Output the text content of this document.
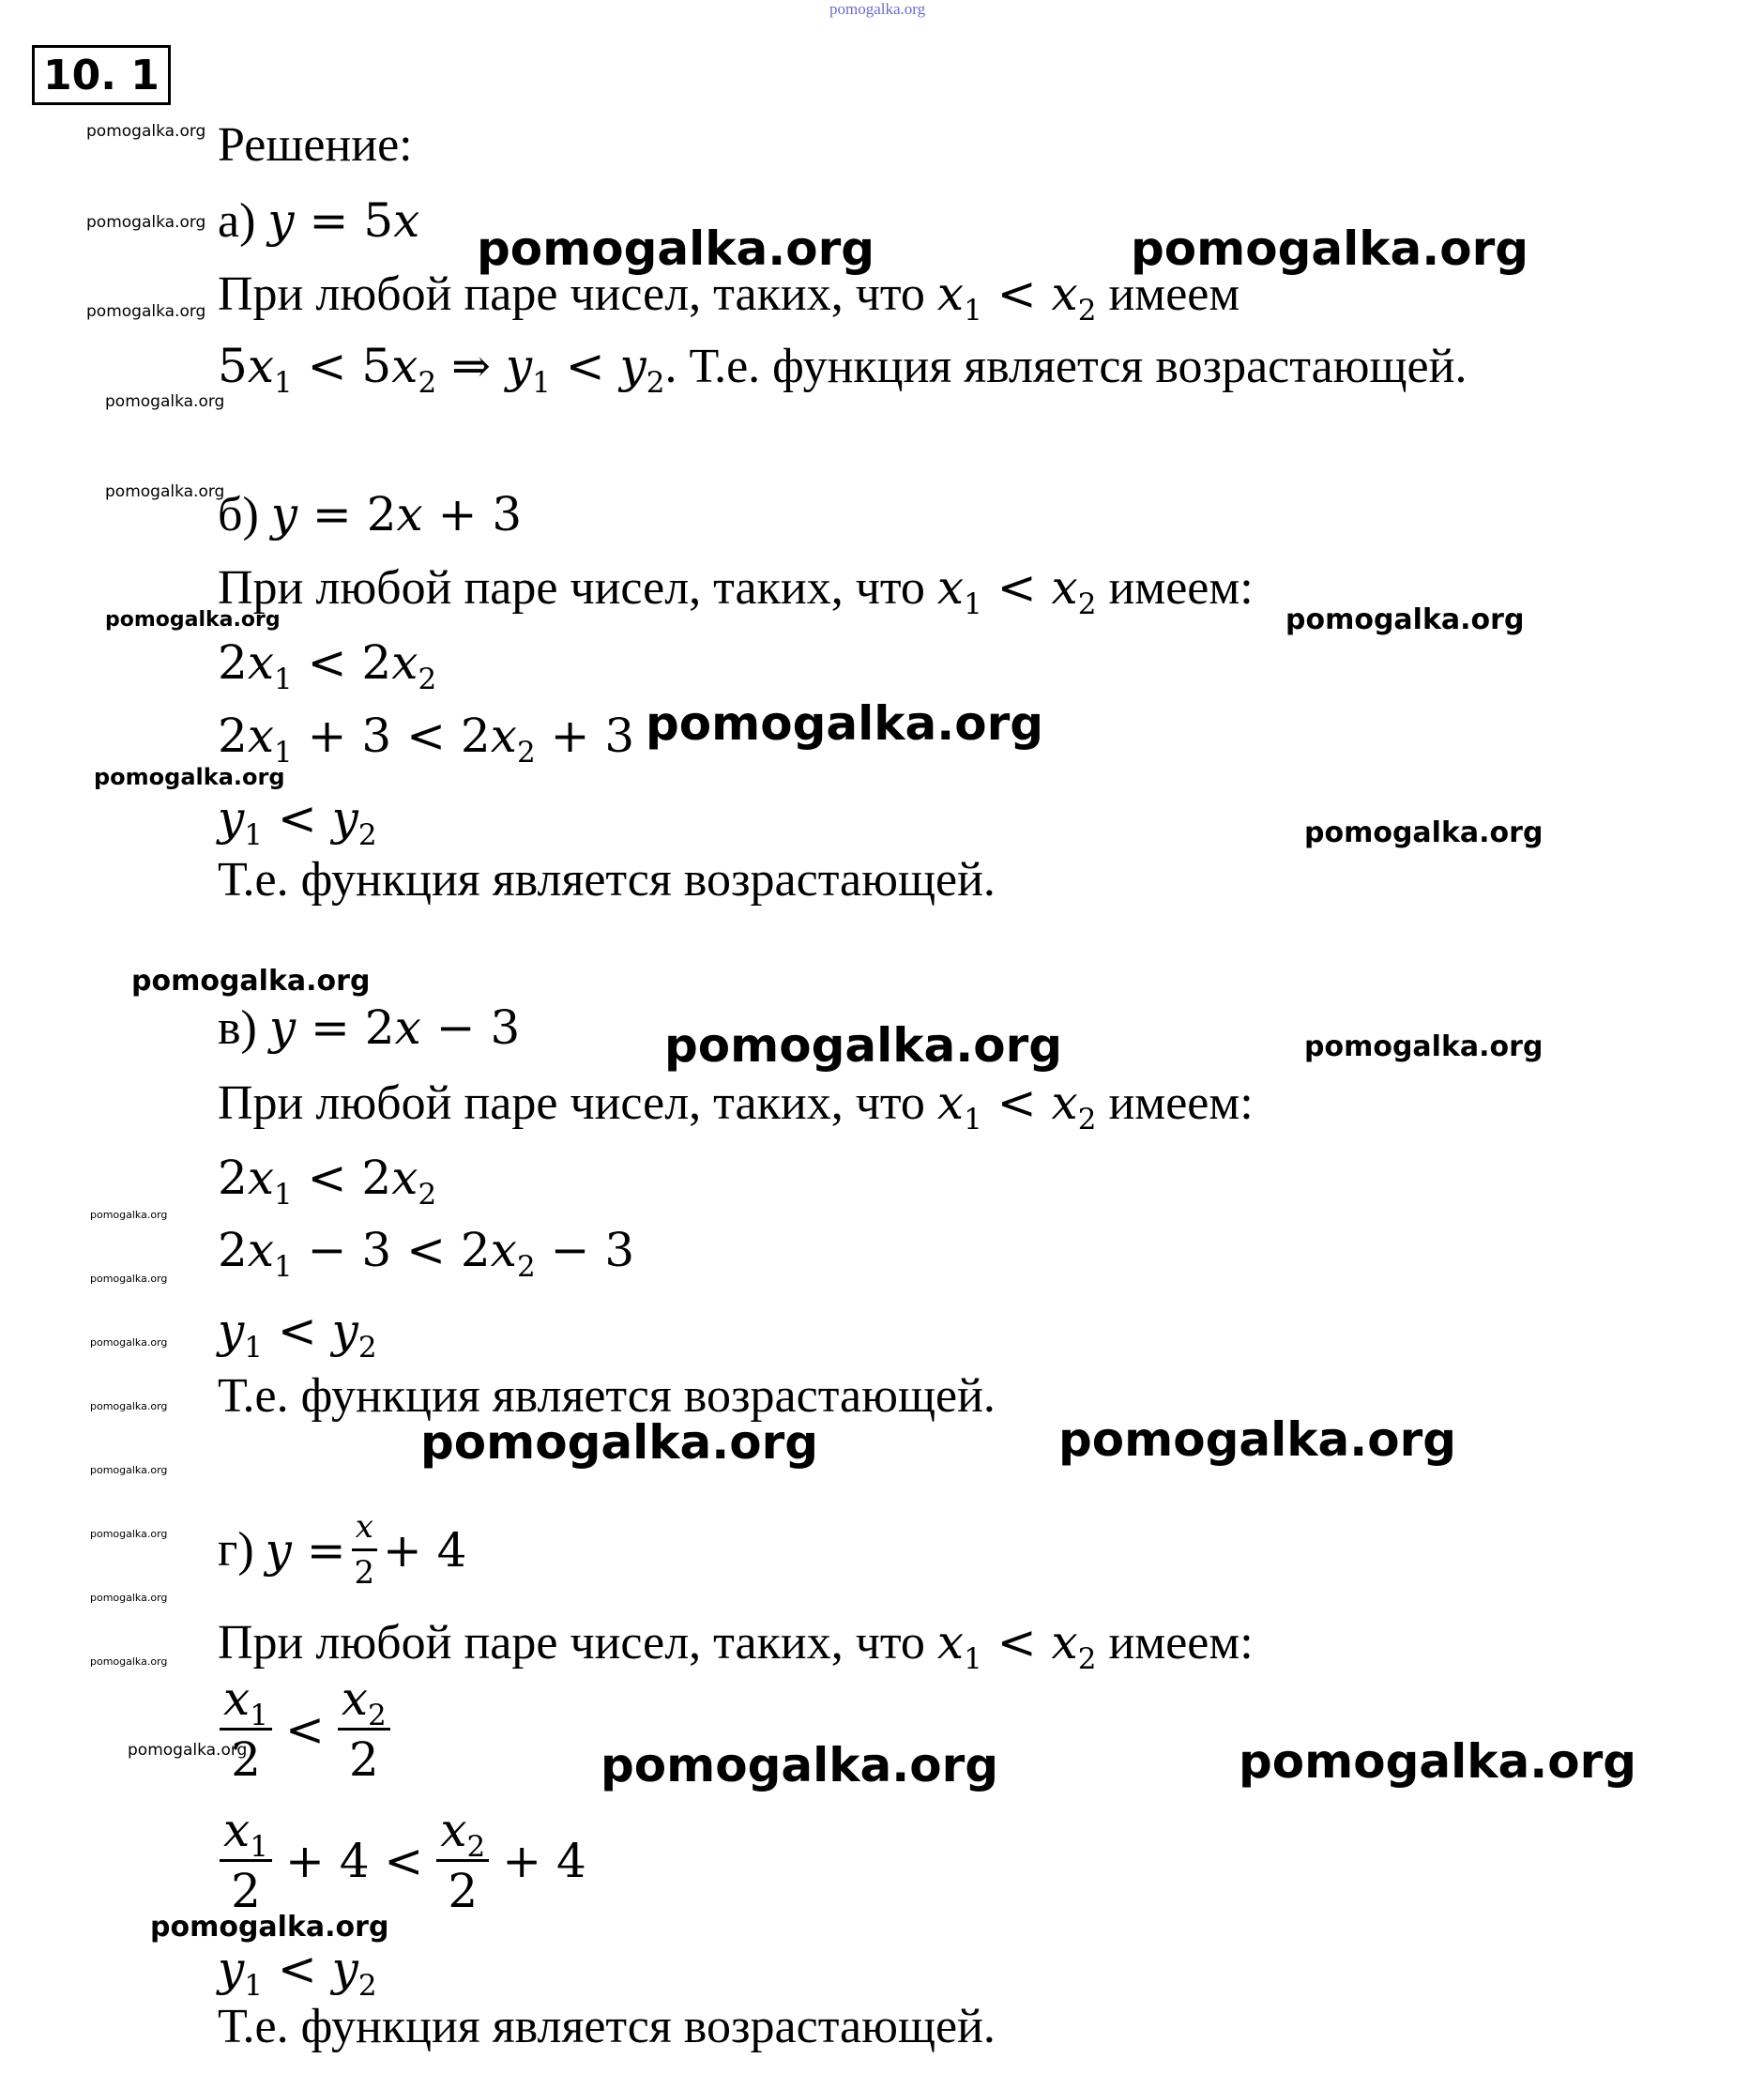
pomogalka.org
10. 1
Решение:
а) y = 5x
При любой паре чисел, таких, что $x_1 < x_2$ имеем
$5x_1 < 5x_2$ ⇒ $y_1 < y_2$. Т.е. функция является возрастающей.
б) y = 2x + 3
При любой паре чисел, таких, что $x_1 < x_2$ имеем:
$2x_1 < 2x_2$
$2x_1 + 3 < 2x_2 + 3$
$y_1 < y_2$
Т.е. функция является возрастающей.
в) y = 2x − 3
При любой паре чисел, таких, что $x_1 < x_2$ имеем:
$2x_1 < 2x_2$
$2x_1 - 3 < 2x_2 - 3$
$y_1 < y_2$
Т.е. функция является возрастающей.
г) $y = \frac{x}{2} + 4$
При любой паре чисел, таких, что $x_1 < x_2$ имеем:
$\frac{x_1}{2} < \frac{x_2}{2}$
$\frac{x_1}{2} + 4 < \frac{x_2}{2} + 4$
$y_1 < y_2$
Т.е. функция является возрастающей.
pomogalka.org	pomogalka.org
pomogalka.org
pomogalka.org
pomogalka.org	pomogalka.org
pomogalka.org	pomogalka.org
pomogalka.org
pomogalka.org
pomogalka.org
pomogalka.org
pomogalka.org
pomogalka.org
pomogalka.org
pomogalka.org
pomogalka.org
pomogalka.org
pomogalka.org
pomogalka.org
pomogalka.org
pomogalka.org
pomogalka.org
pomogalka.org
pomogalka.org
pomogalka.org
pomogalka.org
pomogalka.org
pomogalka.org
